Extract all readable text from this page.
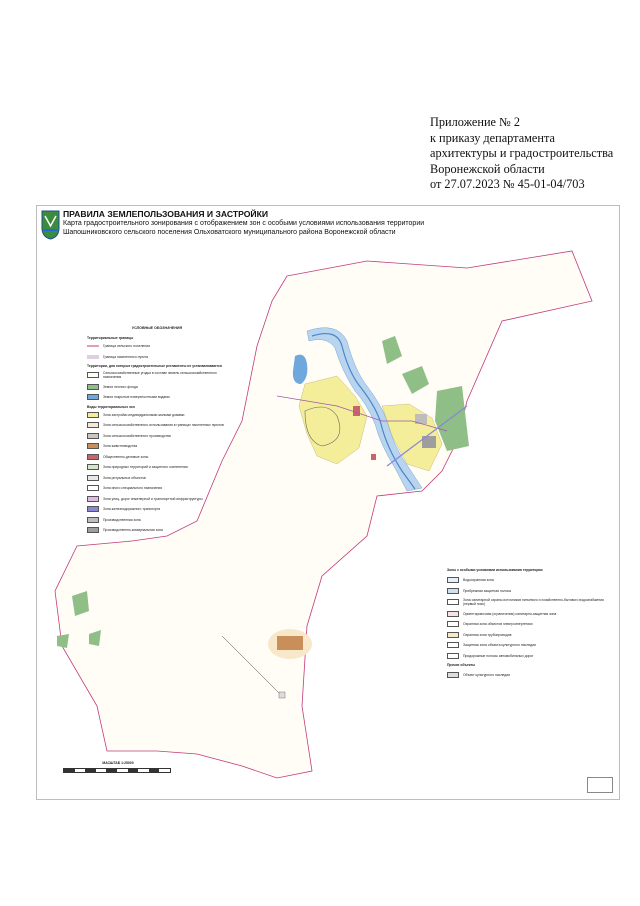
Приложение № 2
к приказу департамента
архитектуры и градостроительства
Воронежской области
от 27.07.2023 № 45-01-04/703
ПРАВИЛА ЗЕМЛЕПОЛЬЗОВАНИЯ И ЗАСТРОЙКИ
Карта градостроительного зонирования с отображением зон с особыми условиями использования территории
Шапошниковского сельского поселения Ольховатского муниципального района Воронежской области
УСЛОВНЫЕ ОБОЗНАЧЕНИЯ
Территориальные границы
Граница сельского поселения
Граница населенного пункта
Территории, для которых градостроительные регламенты не устанавливаются
Сельскохозяйственные угодья в составе земель сельскохозяйственного назначения
Земли лесного фонда
Земли покрытые поверхностными водами
Виды территориальных зон
Зона застройки индивидуальными жилыми домами
Зона сельскохозяйственного использования в границах населенных пунктов
Зона сельскохозяйственного производства
Зона животноводства
Общественно-деловые зоны
Зона природных территорий и защитного озеленения
Зона ритуальных объектов
Зона иного специального назначения
Зона улиц, дорог инженерной и транспортной инфраструктуры
Зона железнодорожного транспорта
Производственная зона
Производственно-коммунальная зона
Зоны с особыми условиями использования территории
Водоохранная зона
Прибрежная защитная полоса
Зона санитарной охраны источников питьевого и хозяйственно-бытового водоснабжения (первый пояс)
Ориентировочная (ограничения) санитарно-защитная зона
Охранная зона объектов электроэнергетики
Охранная зона трубопроводов
Защитная зона объекта культурного наследия
Придорожные полосы автомобильных дорог
Прочие объекты
Объект культурного наследия
МАСШТАБ 1:25000
